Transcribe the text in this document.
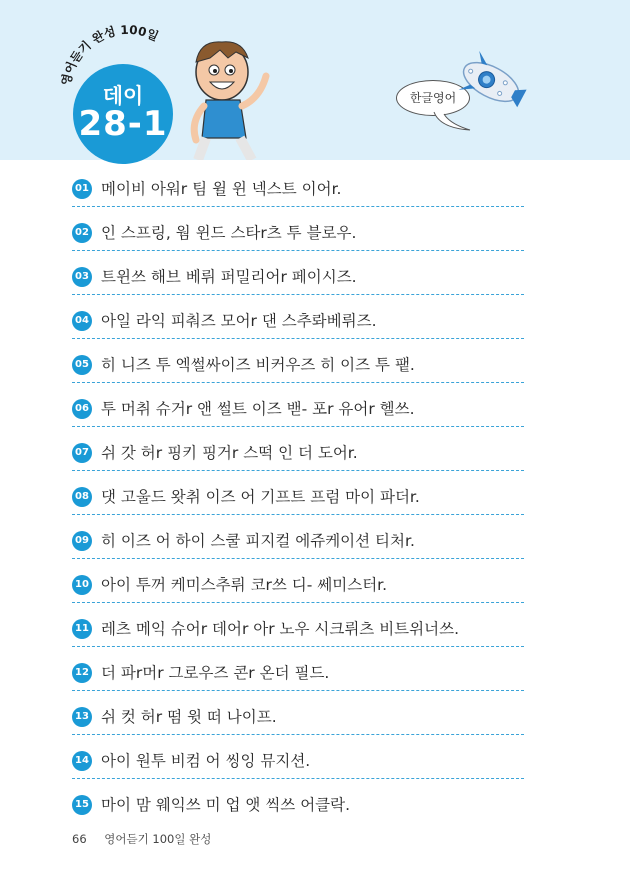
영어듣기 완성 100일
데이
28-1
한글영어
01 메이비 아워r 팀 윌 윈 넥스트 이어r.
02 인 스프링, 웜 윈드 스타r츠 투 블로우.
03 트윈쓰 해브 베뤼 퍼밀리어r 페이시즈.
04 아일 라익 피춰즈 모어r 댄 스추롸베뤼즈.
05 히 니즈 투 엑썰싸이즈 비커우즈 히 이즈 투 퍁.
06 투 머취 슈거r 앤 썰트 이즈 밷- 포r 유어r 헬쓰.
07 쉬 갓 허r 핑키 핑거r 스떡 인 더 도어r.
08 댓 고울드 왓취 이즈 어 기프트 프럼 마이 파더r.
09 히 이즈 어 하이 스쿨 피지컬 에쥬케이션 티처r.
10 아이 투꺼 케미스추뤼 코r쓰 디- 쎄미스터r.
11 레츠 메익 슈어r 데어r 아r 노우 시크뤼츠 비트위너쓰.
12 더 파r머r 그로우즈 콘r 온더 필드.
13 쉬 컷 허r 떰 윗 떠 나이프.
14 아이 원투 비컴 어 씽잉 뮤지션.
15 마이 맘 웨익쓰 미 업 앳 씩쓰 어클락.
66 영어듣기 100일 완성
